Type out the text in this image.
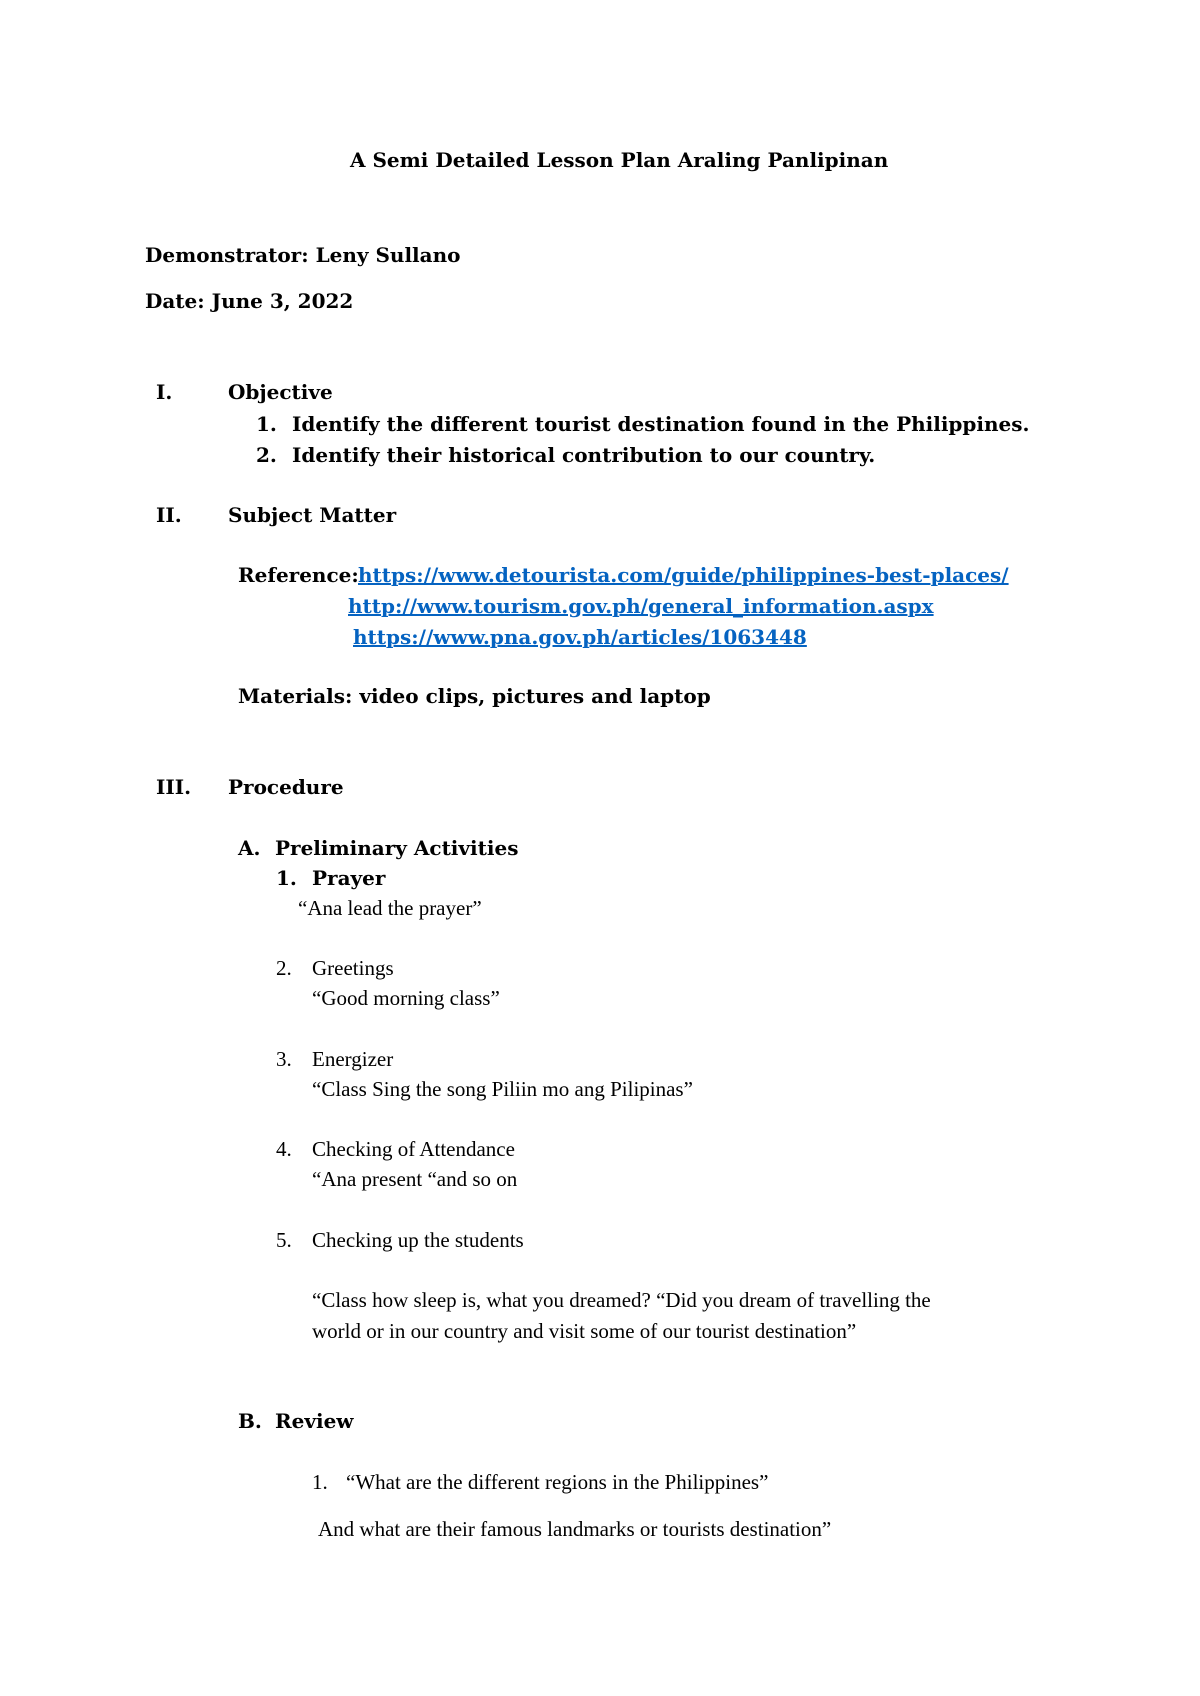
A Semi Detailed Lesson Plan Araling Panlipinan
Demonstrator: Leny Sullano
Date: June 3, 2022
I.	Objective
1. Identify the different tourist destination found in the Philippines.
2. Identify their historical contribution to our country.
II. Subject Matter
Reference: https://www.detourista.com/guide/philippines-best-places/
http://www.tourism.gov.ph/general_information.aspx
https://www.pna.gov.ph/articles/1063448
Materials: video clips, pictures and laptop
III. Procedure
A. Preliminary Activities
1. Prayer
“Ana lead the prayer”
2. Greetings
“Good morning class”
3. Energizer
“Class Sing the song Piliin mo ang Pilipinas”
4. Checking of Attendance
“Ana present “and so on
5. Checking up the students
“Class how sleep is, what you dreamed? “Did you dream of travelling the
world or in our country and visit some of our tourist destination”
B. Review
1. “What are the different regions in the Philippines”
And what are their famous landmarks or tourists destination”
